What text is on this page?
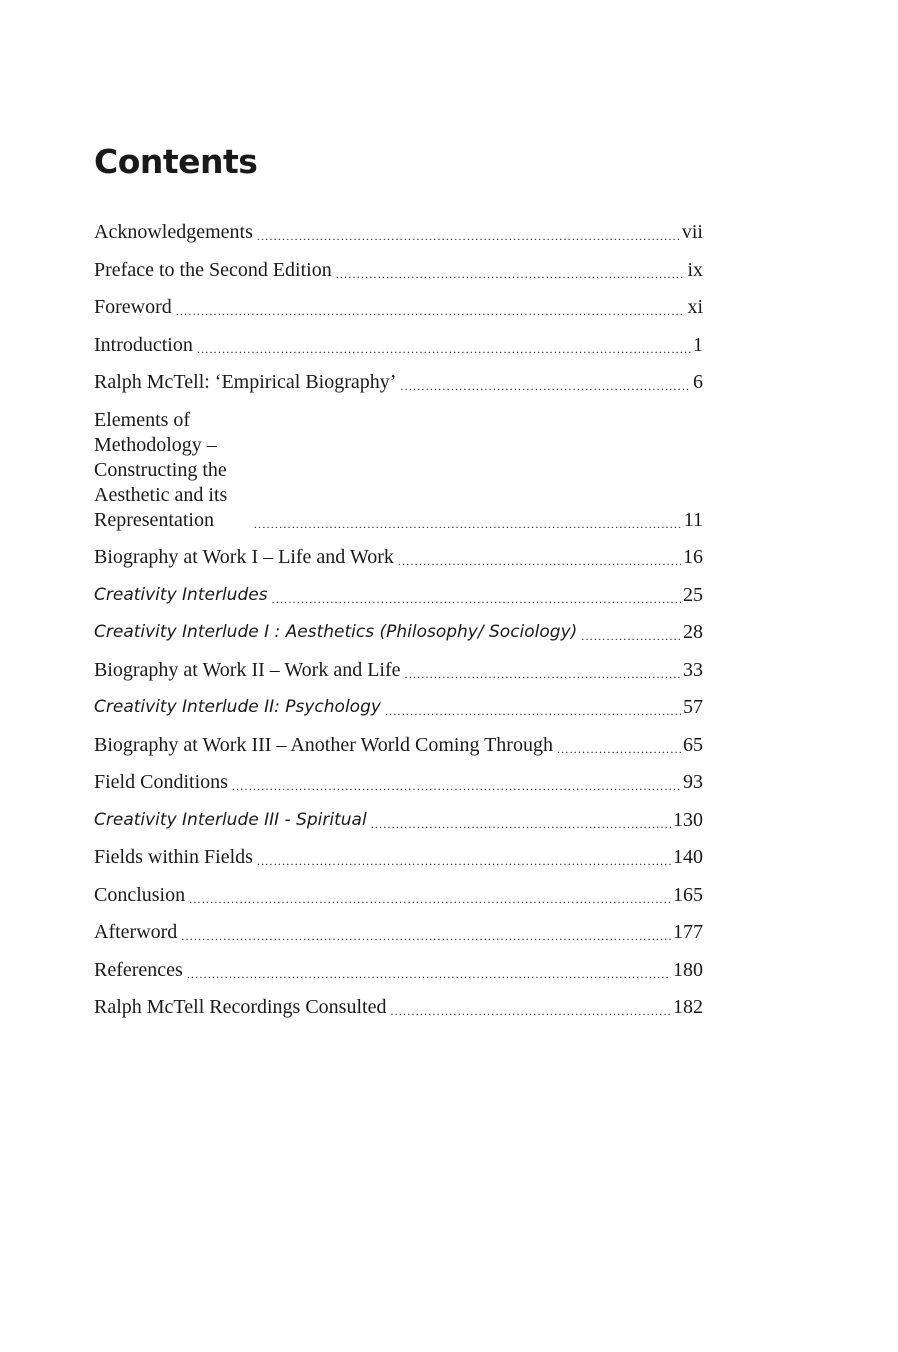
Contents
Acknowledgements .....	vii
Preface to the Second Edition .....	ix
Foreword .....	xi
Introduction .....	1
Ralph McTell: ‘Empirical Biography’ .....	6
Elements of Methodology –
Constructing the Aesthetic and its Representation .....	11
Biography at Work I – Life and Work .....	16
Creativity Interludes .....	25
Creativity Interlude I : Aesthetics (Philosophy/ Sociology) .....	28
Biography at Work II – Work and Life .....	33
Creativity Interlude II: Psychology .....	57
Biography at Work III – Another World Coming Through .....	65
Field Conditions .....	93
Creativity Interlude III - Spiritual .....	130
Fields within Fields .....	140
Conclusion .....	165
Afterword .....	177
References .....	180
Ralph McTell Recordings Consulted .....	182
